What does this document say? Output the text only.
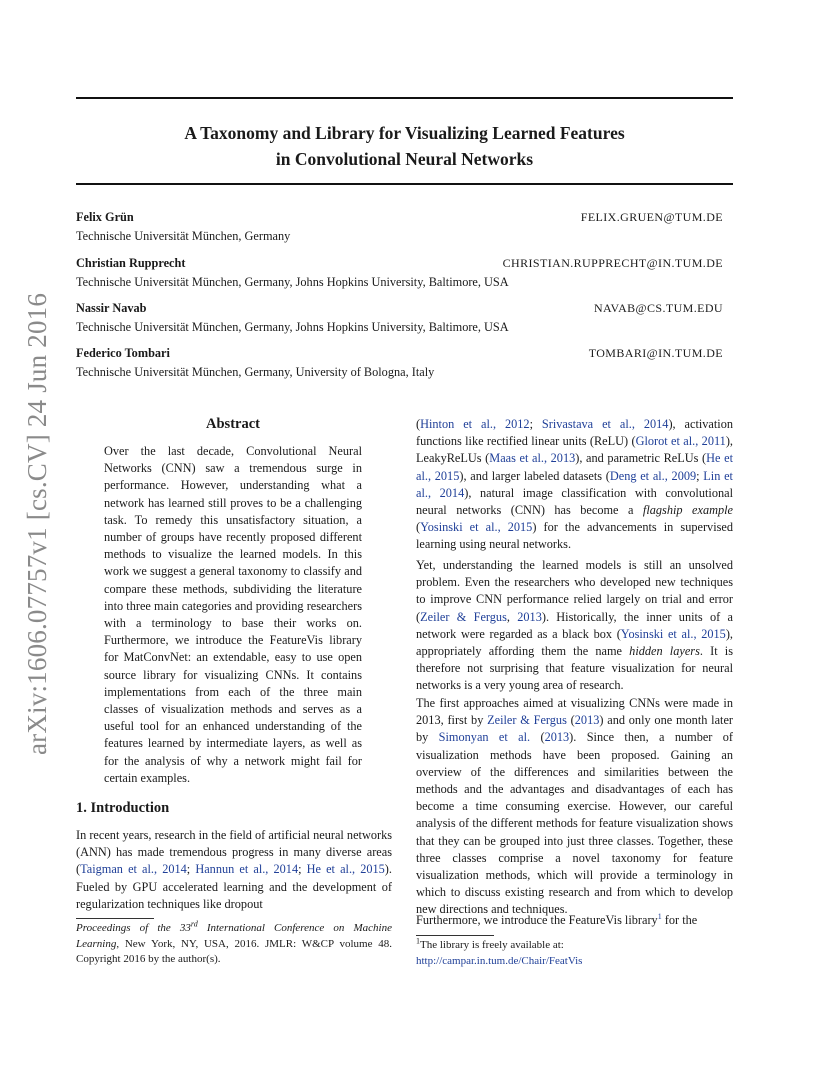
arXiv:1606.07757v1 [cs.CV] 24 Jun 2016
A Taxonomy and Library for Visualizing Learned Features
in Convolutional Neural Networks
Felix Grün	FELIX.GRUEN@TUM.DE
Technische Universität München, Germany
Christian Rupprecht	CHRISTIAN.RUPPRECHT@IN.TUM.DE
Technische Universität München, Germany, Johns Hopkins University, Baltimore, USA
Nassir Navab	NAVAB@CS.TUM.EDU
Technische Universität München, Germany, Johns Hopkins University, Baltimore, USA
Federico Tombari	TOMBARI@IN.TUM.DE
Technische Universität München, Germany, University of Bologna, Italy
Abstract
Over the last decade, Convolutional Neural Networks (CNN) saw a tremendous surge in performance. However, understanding what a network has learned still proves to be a challenging task. To remedy this unsatisfactory situation, a number of groups have recently proposed different methods to visualize the learned models. In this work we suggest a general taxonomy to classify and compare these methods, subdividing the literature into three main categories and providing researchers with a terminology to base their works on. Furthermore, we introduce the FeatureVis library for MatConvNet: an extendable, easy to use open source library for visualizing CNNs. It contains implementations from each of the three main classes of visualization methods and serves as a useful tool for an enhanced understanding of the features learned by intermediate layers, as well as for the analysis of why a network might fail for certain examples.
1. Introduction
In recent years, research in the field of artificial neural networks (ANN) has made tremendous progress in many diverse areas (Taigman et al., 2014; Hannun et al., 2014; He et al., 2015). Fueled by GPU accelerated learning and the development of regularization techniques like dropout
(Hinton et al., 2012; Srivastava et al., 2014), activation functions like rectified linear units (ReLU) (Glorot et al., 2011), LeakyReLUs (Maas et al., 2013), and parametric ReLUs (He et al., 2015), and larger labeled datasets (Deng et al., 2009; Lin et al., 2014), natural image classification with convolutional neural networks (CNN) has become a flagship example (Yosinski et al., 2015) for the advancements in supervised learning using neural networks.
Yet, understanding the learned models is still an unsolved problem. Even the researchers who developed new techniques to improve CNN performance relied largely on trial and error (Zeiler & Fergus, 2013). Historically, the inner units of a network were regarded as a black box (Yosinski et al., 2015), appropriately affording them the name hidden layers. It is therefore not surprising that feature visualization for neural networks is a very young area of research.
The first approaches aimed at visualizing CNNs were made in 2013, first by Zeiler & Fergus (2013) and only one month later by Simonyan et al. (2013). Since then, a number of visualization methods have been proposed. Gaining an overview of the differences and similarities between the methods and the advantages and disadvantages of each has become a time consuming exercise. However, our careful analysis of the different methods for feature visualization shows that they can be grouped into just three classes. Together, these three classes comprise a novel taxonomy for feature visualization methods, which will provide a terminology in which to discuss existing research and from which to develop new directions and techniques.
Furthermore, we introduce the FeatureVis library$^1$ for the
Proceedings of the 33rd International Conference on Machine Learning, New York, NY, USA, 2016. JMLR: W&CP volume 48. Copyright 2016 by the author(s).
$^1$The library is freely available at: http://campar.in.tum.de/Chair/FeatVis
